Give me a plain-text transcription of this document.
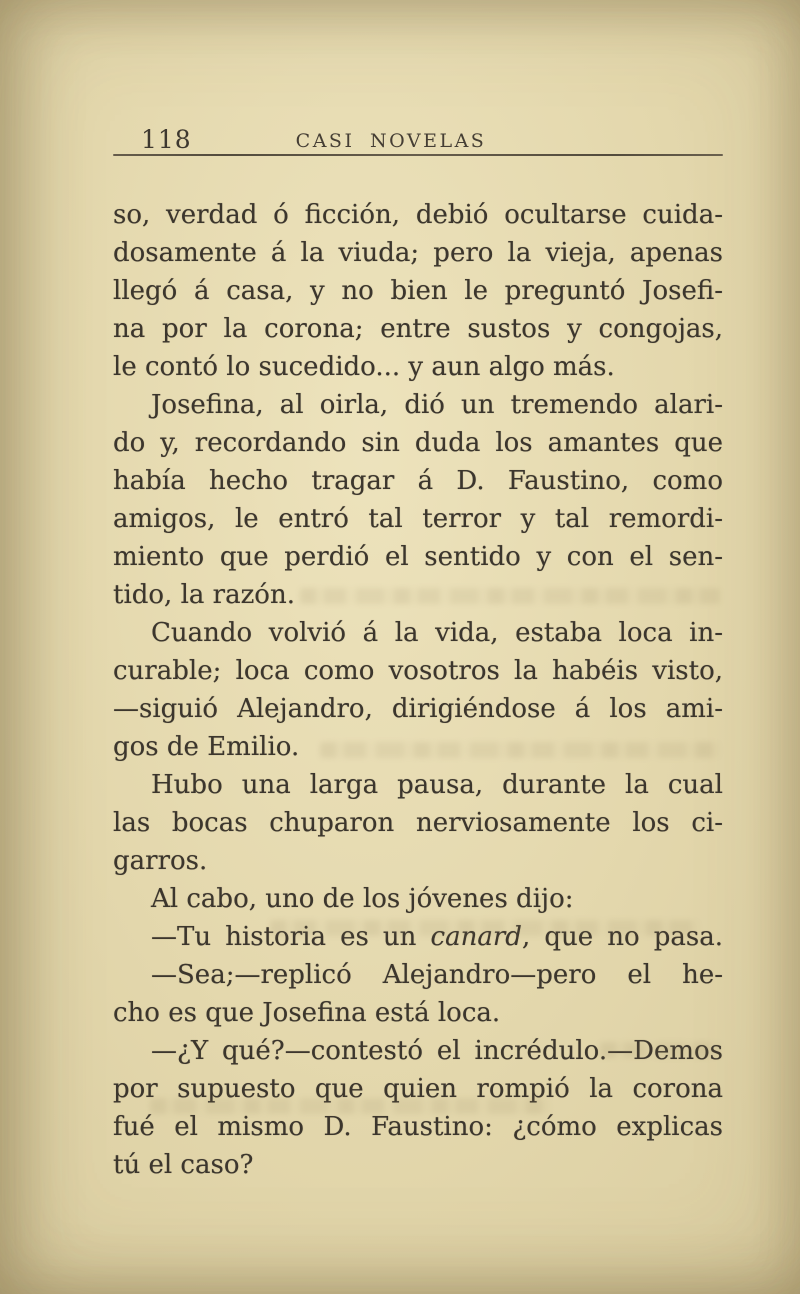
118	CASI NOVELAS
so, verdad ó ficción, debió ocultarse cuida-
dosamente á la viuda; pero la vieja, apenas
llegó á casa, y no bien le preguntó Josefi-
na por la corona; entre sustos y congojas,
le contó lo sucedido... y aun algo más.
Josefina, al oirla, dió un tremendo alari-
do y, recordando sin duda los amantes que
había hecho tragar á D. Faustino, como
amigos, le entró tal terror y tal remordi-
miento que perdió el sentido y con el sen-
tido, la razón.
Cuando volvió á la vida, estaba loca in-
curable; loca como vosotros la habéis visto,
—siguió Alejandro, dirigiéndose á los ami-
gos de Emilio.
Hubo una larga pausa, durante la cual
las bocas chuparon nerviosamente los ci-
garros.
Al cabo, uno de los jóvenes dijo:
—Tu historia es un canard, que no pasa.
—Sea;—replicó Alejandro—pero el he-
cho es que Josefina está loca.
—¿Y qué?—contestó el incrédulo.—Demos
por supuesto que quien rompió la corona
fué el mismo D. Faustino: ¿cómo explicas
tú el caso?
